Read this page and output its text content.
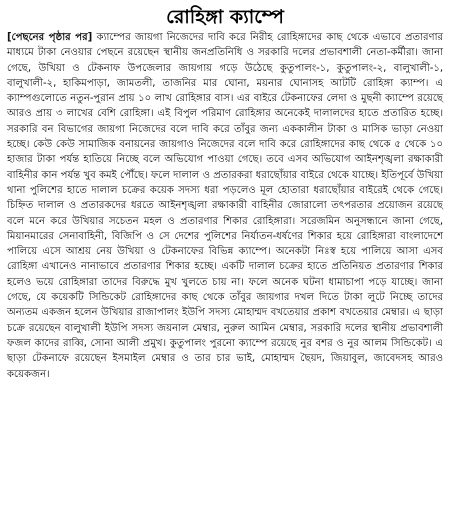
রোহিঙ্গা ক্যাম্পে

[পেছনের পৃষ্ঠার পর] ক্যাম্পের জায়গা নিজেদের দাবি করে নিরীহ রোহিঙ্গাদের কাছ থেকে এভাবে প্রতারণার মাধ্যমে টাকা নেওয়ার পেছনে রয়েছেন স্থানীয় জনপ্রতিনিধি ও সরকারি দলের প্রভাবশালী নেতা-কর্মীরা। জানা গেছে, উখিয়া ও টেকনাফ উপজেলার জায়গায় গড়ে উঠেছে কুতুপালং-১, কুতুপালং-২, বালুখালী-১, বালুখালী-২, হাকিমপাড়া, জামতলী, তাজনির মার ঘোনা, ময়নার ঘোনাসহ আটটি রোহিঙ্গা ক্যাম্প। এ ক্যাম্পগুলোতে নতুন-পুরান প্রায় ১০ লাখ রোহিঙ্গার বাস। এর বাইরে টেকনাফের লেদা ও মুছনী ক্যাম্পে রয়েছে আরও প্রায় ৩ লাখের বেশি রোহিঙ্গা। এই বিপুল পরিমাণ রোহিঙ্গার অনেকেই দালালদের হাতে প্রতারিত হচ্ছে। সরকারি বন বিভাগের জায়গা নিজেদের বলে দাবি করে তাঁবুর জন্য এককালীন টাকা ও মাসিক ভাড়া নেওয়া হচ্ছে। কেউ কেউ সামাজিক বনায়নের জায়গাও নিজেদের বলে দাবি করে রোহিঙ্গাদের কাছ থেকে ৫ থেকে ১০ হাজার টাকা পর্যন্ত হাতিয়ে নিচ্ছে বলে অভিযোগ পাওয়া গেছে। তবে এসব অভিযোগ আইনশৃঙ্খলা রক্ষাকারী বাহিনীর কান পর্যন্ত খুব কমই পৌঁছে। ফলে দালাল ও প্রতারকরা ধরাছোঁয়ার বাইরে থেকে যাচ্ছে। ইতিপূর্বে উখিয়া থানা পুলিশের হাতে দালাল চক্রের কয়েক সদস্য ধরা পড়লেও মূল হোতারা ধরাছোঁয়ার বাইরেই থেকে গেছে। চিহ্নিত দালাল ও প্রতারকদের ধরতে আইনশৃঙ্খলা রক্ষাকারী বাহিনীর জোরালো তৎপরতার প্রয়োজন রয়েছে বলে মনে করে উখিয়ার সচেতন মহল ও প্রতারণার শিকার রোহিঙ্গারা। সরেজমিন অনুসন্ধানে জানা গেছে, মিয়ানমারের সেনাবাহিনী, বিজিপি ও সে দেশের পুলিশের নির্যাতন-ধর্ষণের শিকার হয়ে রোহিঙ্গারা বাংলাদেশে পালিয়ে এসে আশ্রয় নেয় উখিয়া ও টেকনাফের বিভিন্ন ক্যাম্পে। অনেকটা নিঃস্ব হয়ে পালিয়ে আসা এসব রোহিঙ্গা এখানেও নানাভাবে প্রতারণার শিকার হচ্ছে। একটি দালাল চক্রের হাতে প্রতিনিয়ত প্রতারণার শিকার হলেও ভয়ে রোহিঙ্গারা তাদের বিরুদ্ধে মুখ খুলতে চায় না। ফলে অনেক ঘটনা ধামাচাপা পড়ে যাচ্ছে। জানা গেছে, যে কয়েকটি সিন্ডিকেট রোহিঙ্গাদের কাছ থেকে তাঁবুর জায়গার দখল দিতে টাকা লুটে নিচ্ছে তাদের অন্যতম একজন হলেন উখিয়ার রাজাপালং ইউপি সদস্য মোহাম্মদ বখতেয়ার প্রকাশ বখতেয়ার মেম্বার। এ ছাড়া চক্রে রয়েছেন বালুখালী ইউপি সদস্য জয়নাল মেম্বার, নুরুল আমিন মেম্বার, সরকারি দলের স্থানীয় প্রভাবশালী ফজল কাদের রাব্বি, সোনা আলী প্রমুখ। কুতুপালং পুরনো ক্যাম্পে রয়েছে নুর বশর ও নুর আলম সিন্ডিকেট। এ ছাড়া টেকনাফে রয়েছেন ইসমাইল মেম্বার ও তার চার ভাই, মোহাম্মদ ছৈয়দ, জিয়াবুল, জাবেদসহ আরও কয়েকজন।
